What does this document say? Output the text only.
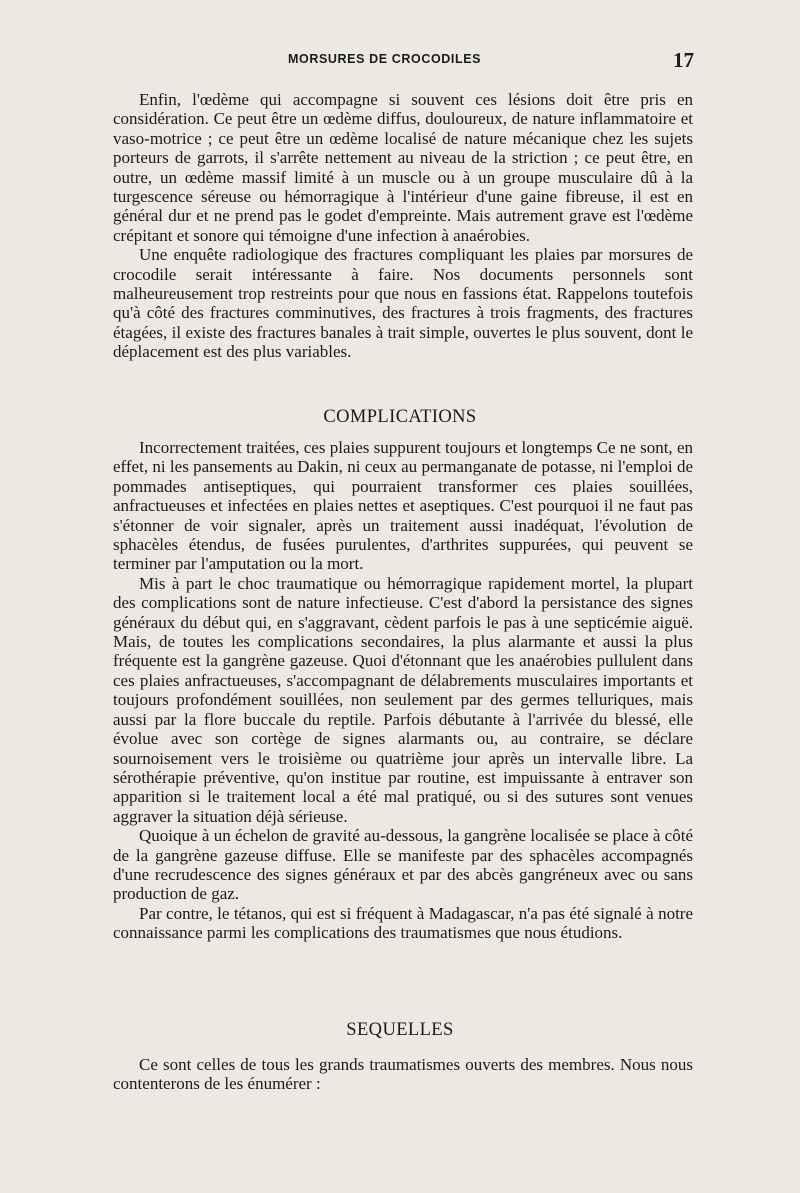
MORSURES DE CROCODILES	17

Enfin, l'œdème qui accompagne si souvent ces lésions doit être pris en considération. Ce peut être un œdème diffus, douloureux, de nature inflammatoire et vaso-motrice ; ce peut être un œdème localisé de nature mécanique chez les sujets porteurs de garrots, il s'arrête nettement au niveau de la striction ; ce peut être, en outre, un œdème massif limité à un muscle ou à un groupe musculaire dû à la turgescence séreuse ou hémorragique à l'intérieur d'une gaine fibreuse, il est en général dur et ne prend pas le godet d'empreinte. Mais autrement grave est l'œdème crépitant et sonore qui témoigne d'une infection à anaérobies.

Une enquête radiologique des fractures compliquant les plaies par morsures de crocodile serait intéressante à faire. Nos documents personnels sont malheureusement trop restreints pour que nous en fassions état. Rappelons toutefois qu'à côté des fractures comminutives, des fractures à trois fragments, des fractures étagées, il existe des fractures banales à trait simple, ouvertes le plus souvent, dont le déplacement est des plus variables.

COMPLICATIONS

Incorrectement traitées, ces plaies suppurent toujours et longtemps Ce ne sont, en effet, ni les pansements au Dakin, ni ceux au permanganate de potasse, ni l'emploi de pommades antiseptiques, qui pourraient transformer ces plaies souillées, anfractueuses et infectées en plaies nettes et aseptiques. C'est pourquoi il ne faut pas s'étonner de voir signaler, après un traitement aussi inadéquat, l'évolution de sphacèles étendus, de fusées purulentes, d'arthrites suppurées, qui peuvent se terminer par l'amputation ou la mort.

Mis à part le choc traumatique ou hémorragique rapidement mortel, la plupart des complications sont de nature infectieuse. C'est d'abord la persistance des signes généraux du début qui, en s'aggravant, cèdent parfois le pas à une septicémie aiguë. Mais, de toutes les complications secondaires, la plus alarmante et aussi la plus fréquente est la gangrène gazeuse. Quoi d'étonnant que les anaérobies pullulent dans ces plaies anfractueuses, s'accompagnant de délabrements musculaires importants et toujours profondément souillées, non seulement par des germes telluriques, mais aussi par la flore buccale du reptile. Parfois débutante à l'arrivée du blessé, elle évolue avec son cortège de signes alarmants ou, au contraire, se déclare sournoisement vers le troisième ou quatrième jour après un intervalle libre. La sérothérapie préventive, qu'on institue par routine, est impuissante à entraver son apparition si le traitement local a été mal pratiqué, ou si des sutures sont venues aggraver la situation déjà sérieuse.

Quoique à un échelon de gravité au-dessous, la gangrène localisée se place à côté de la gangrène gazeuse diffuse. Elle se manifeste par des sphacèles accompagnés d'une recrudescence des signes généraux et par des abcès gangréneux avec ou sans production de gaz.

Par contre, le tétanos, qui est si fréquent à Madagascar, n'a pas été signalé à notre connaissance parmi les complications des traumatismes que nous étudions.

SEQUELLES

Ce sont celles de tous les grands traumatismes ouverts des membres. Nous nous contenterons de les énumérer :
